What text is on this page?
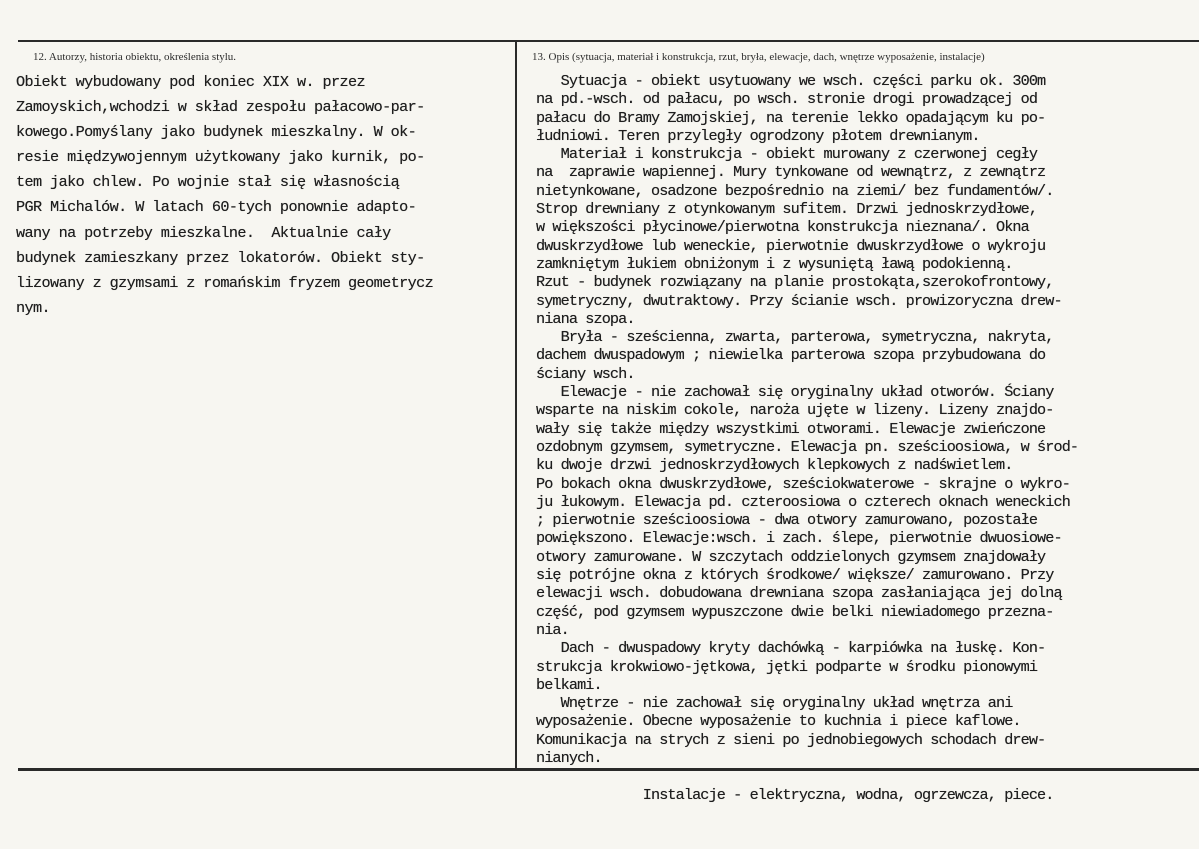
12. Autorzy, historia obiektu, określenia stylu.	13. Opis (sytuacja, materiał i konstrukcja, rzut, bryła, elewacje, dach, wnętrze wyposażenie, instalacje)
Obiekt wybudowany pod koniec XIX w. przez
Zamoyskich,wchodzi w skład zespołu pałacowo-par-
kowego.Pomyślany jako budynek mieszkalny. W ok-
resie międzywojennym użytkowany jako kurnik, po-
tem jako chlew. Po wojnie stał się własnością
PGR Michalów. W latach 60-tych ponownie adapto-
wany na potrzeby mieszkalne.  Aktualnie cały
budynek zamieszkany przez lokatorów. Obiekt sty-
lizowany z gzymsami z romańskim fryzem geometrycz
nym.
Sytuacja - obiekt usytuowany we wsch. części parku ok. 300m
na pd.-wsch. od pałacu, po wsch. stronie drogi prowadzącej od
pałacu do Bramy Zamojskiej, na terenie lekko opadającym ku po-
łudniowi. Teren przyległy ogrodzony płotem drewnianym.
Materiał i konstrukcja - obiekt murowany z czerwonej cegły
na  zaprawie wapiennej. Mury tynkowane od wewnątrz, z zewnątrz
nietynkowane, osadzone bezpośrednio na ziemi/ bez fundamentów/.
Strop drewniany z otynkowanym sufitem. Drzwi jednoskrzydłowe,
w większości płycinowe/pierwotna konstrukcja nieznana/. Okna
dwuskrzydłowe lub weneckie, pierwotnie dwuskrzydłowe o wykroju
zamkniętym łukiem obniżonym i z wysuniętą ławą podokienną.
Rzut - budynek rozwiązany na planie prostokąta,szerokofrontowy,
symetryczny, dwutraktowy. Przy ścianie wsch. prowizoryczna drew-
niana szopa.
Bryła - sześcienna, zwarta, parterowa, symetryczna, nakryta,
dachem dwuspadowym ; niewielka parterowa szopa przybudowana do
ściany wsch.
Elewacje - nie zachował się oryginalny układ otworów. Ściany
wsparte na niskim cokole, naroża ujęte w lizeny. Lizeny znajdo-
wały się także między wszystkimi otworami. Elewacje zwieńczone
ozdobnym gzymsem, symetryczne. Elewacja pn. sześcioosiowa, w środ-
ku dwoje drzwi jednoskrzydłowych klepkowych z nadświetlem.
Po bokach okna dwuskrzydłowe, sześciokwaterowe - skrajne o wykro-
ju łukowym. Elewacja pd. czteroosiowa o czterech oknach weneckich
; pierwotnie sześcioosiowa - dwa otwory zamurowano, pozostałe
powiększono. Elewacje:wsch. i zach. ślepe, pierwotnie dwuosiowe-
otwory zamurowane. W szczytach oddzielonych gzymsem znajdowały
się potrójne okna z których środkowe/ większe/ zamurowano. Przy
elewacji wsch. dobudowana drewniana szopa zasłaniająca jej dolną
część, pod gzymsem wypuszczone dwie belki niewiadomego przezna-
nia.
Dach - dwuspadowy kryty dachówką - karpiówka na łuskę. Kon-
strukcja krokwiowo-jętkowa, jętki podparte w środku pionowymi
belkami.
Wnętrze - nie zachował się oryginalny układ wnętrza ani
wyposażenie. Obecne wyposażenie to kuchnia i piece kaflowe.
Komunikacja na strych z sieni po jednobiegowych schodach drew-
nianych.
Instalacje - elektryczna, wodna, ogrzewcza, piece.
